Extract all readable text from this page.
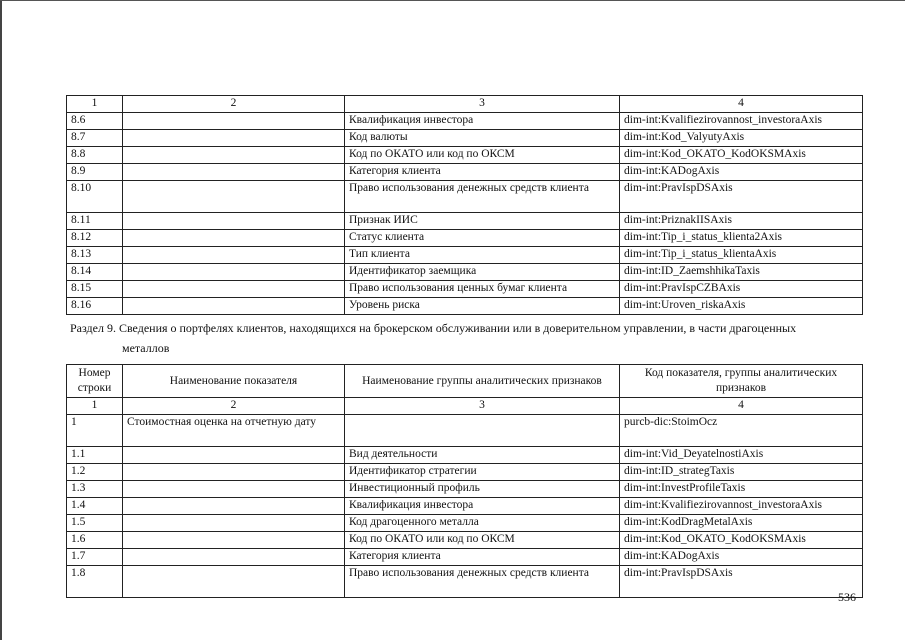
1	2	3	4
8.6		Квалификация инвестора	dim-int:Kvalifiezirovannost_investoraAxis
8.7		Код валюты	dim-int:Kod_ValyutyAxis
8.8		Код по ОКАТО или код по ОКСМ	dim-int:Kod_OKATO_KodOKSMAxis
8.9		Категория клиента	dim-int:KADogAxis
8.10		Право использования денежных средств клиента	dim-int:PravIspDSAxis
8.11		Признак ИИС	dim-int:PriznakIISAxis
8.12		Статус клиента	dim-int:Tip_i_status_klienta2Axis
8.13		Тип клиента	dim-int:Tip_i_status_klientaAxis
8.14		Идентификатор заемщика	dim-int:ID_ZaemshhikaTaxis
8.15		Право использования ценных бумаг клиента	dim-int:PravIspCZBAxis
8.16		Уровень риска	dim-int:Uroven_riskaAxis
Раздел 9. Сведения о портфелях клиентов, находящихся на брокерском обслуживании или в доверительном управлении, в части драгоценных
металлов
Номер строки	Наименование показателя	Наименование группы аналитических признаков	Код показателя, группы аналитических признаков
1	2	3	4
1	Стоимостная оценка на отчетную дату		purcb-dic:StoimOcz
1.1		Вид деятельности	dim-int:Vid_DeyatelnostiAxis
1.2		Идентификатор стратегии	dim-int:ID_strategTaxis
1.3		Инвестиционный профиль	dim-int:InvestProfileTaxis
1.4		Квалификация инвестора	dim-int:Kvalifiezirovannost_investoraAxis
1.5		Код драгоценного металла	dim-int:KodDragMetalAxis
1.6		Код по ОКАТО или код по ОКСМ	dim-int:Kod_OKATO_KodOKSMAxis
1.7		Категория клиента	dim-int:KADogAxis
1.8		Право использования денежных средств клиента	dim-int:PravIspDSAxis
536
